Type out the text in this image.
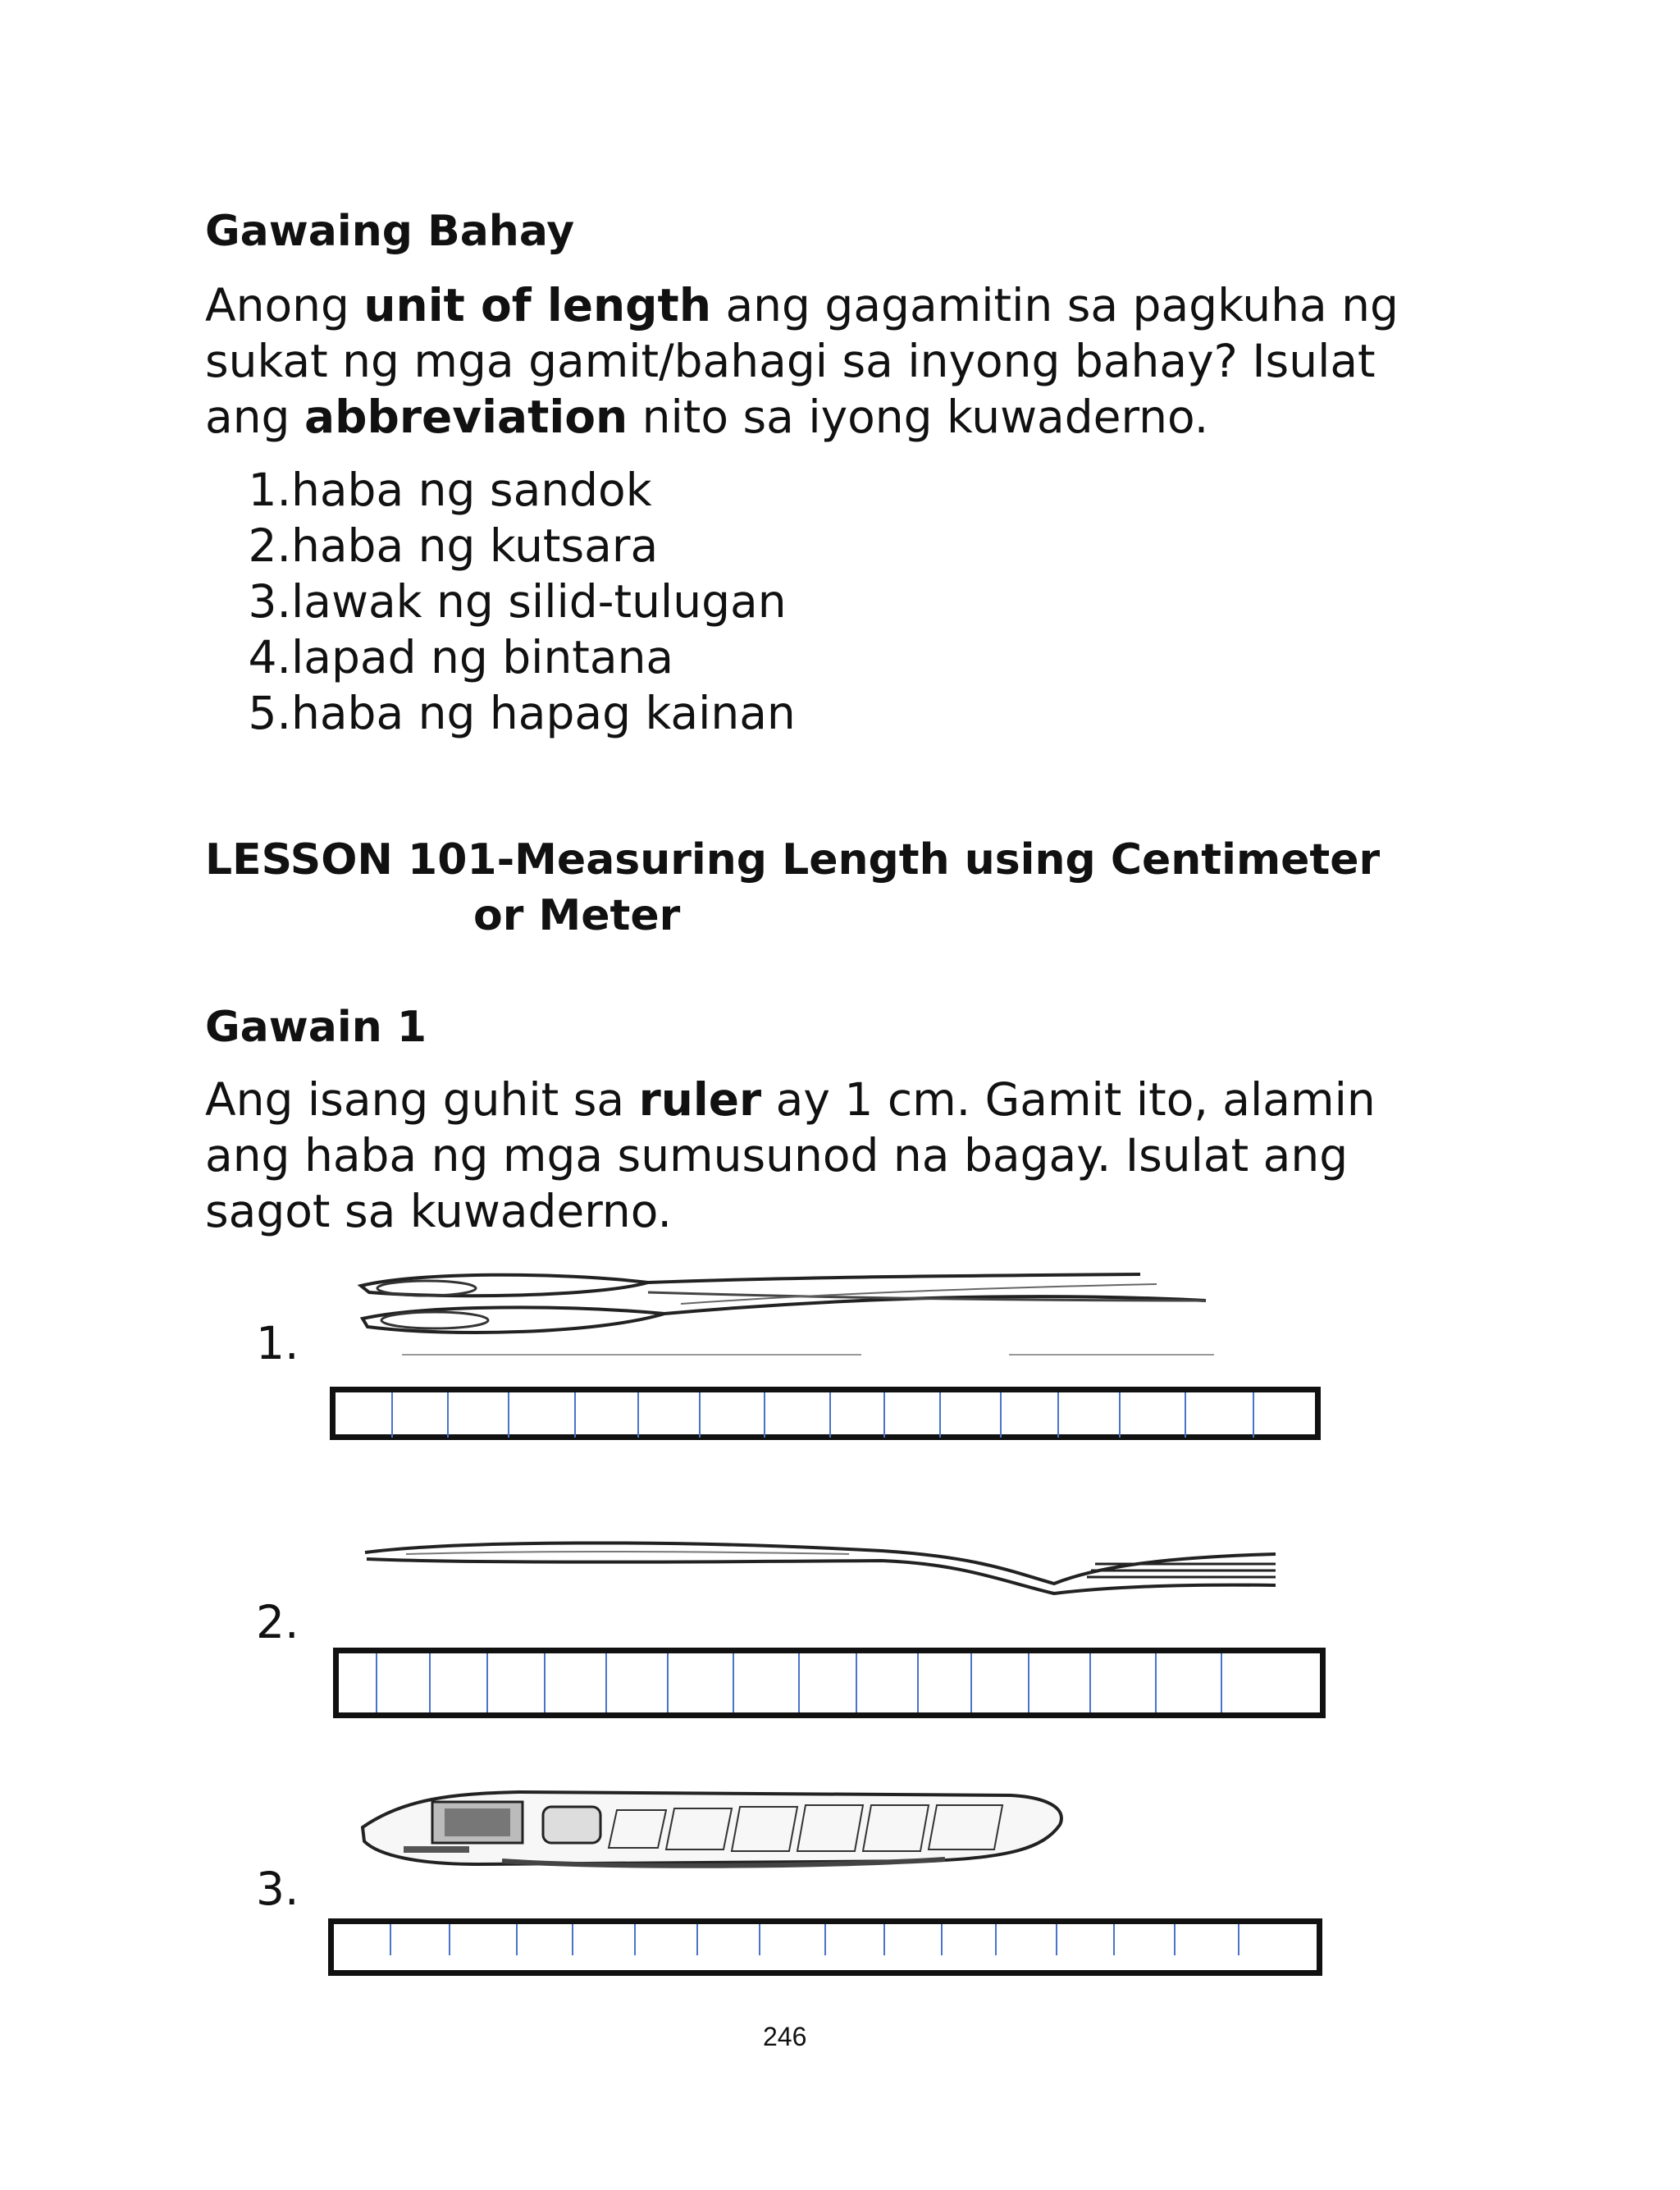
Gawaing Bahay
Anong unit of length ang gagamitin sa pagkuha ng
sukat ng mga gamit/bahagi sa inyong bahay? Isulat
ang abbreviation nito sa iyong kuwaderno.
1. haba ng sandok
2. haba ng kutsara
3. lawak ng silid-tulugan
4. lapad ng bintana
5. haba ng hapag kainan
LESSON 101-Measuring Length using Centimeter
or Meter
Gawain 1
Ang isang guhit sa ruler ay 1 cm. Gamit ito, alamin
ang haba ng mga sumusunod na bagay. Isulat ang
sagot sa kuwaderno.
1.
2.
3.
246
